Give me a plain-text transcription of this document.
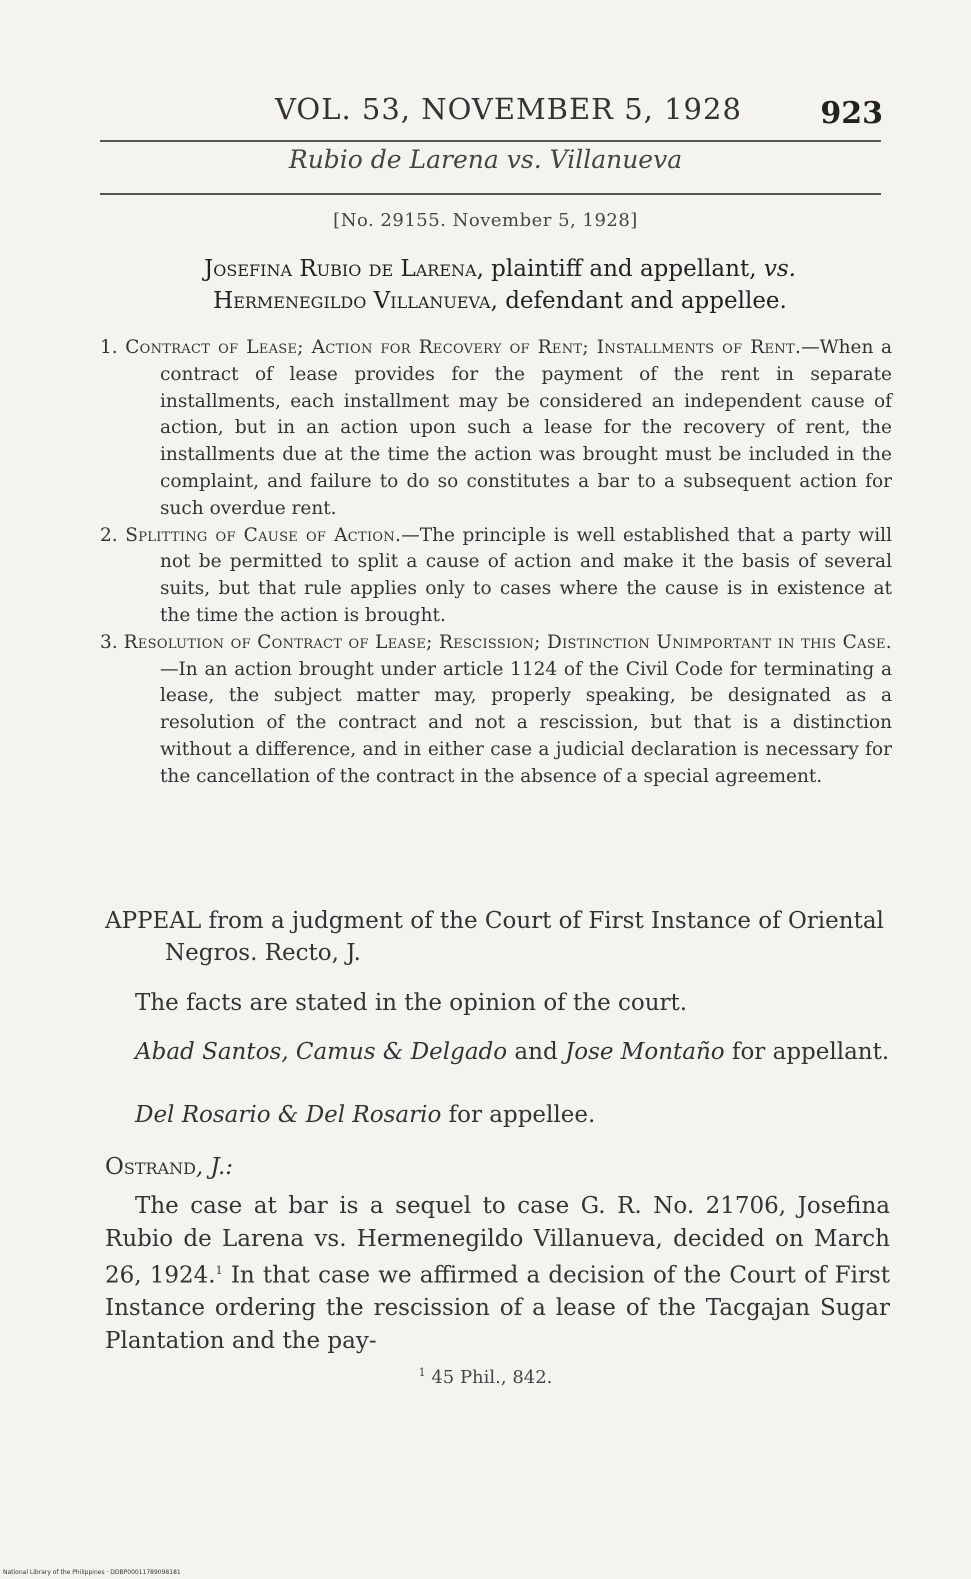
VOL. 53, NOVEMBER 5, 1928	923
Rubio de Larena vs. Villanueva
[No. 29155. November 5, 1928]
Josefina Rubio de Larena, plaintiff and appellant, vs.
Hermenegildo Villanueva, defendant and appellee.

1. Contract of Lease; Action for Recovery of Rent; Installments of Rent.—When a contract of lease provides for the payment of the rent in separate installments, each installment may be considered an independent cause of action, but in an action upon such a lease for the recovery of rent, the installments due at the time the action was brought must be included in the complaint, and failure to do so constitutes a bar to a subsequent action for such overdue rent.

2. Splitting of Cause of Action.—The principle is well established that a party will not be permitted to split a cause of action and make it the basis of several suits, but that rule applies only to cases where the cause is in existence at the time the action is brought.

3. Resolution of Contract of Lease; Rescission; Distinction Unimportant in this Case.—In an action brought under article 1124 of the Civil Code for terminating a lease, the subject matter may, properly speaking, be designated as a resolution of the contract and not a rescission, but that is a distinction without a difference, and in either case a judicial declaration is necessary for the cancellation of the contract in the absence of a special agreement.

APPEAL from a judgment of the Court of First Instance of Oriental Negros. Recto, J.
The facts are stated in the opinion of the court.
Abad Santos, Camus & Delgado and Jose Montaño for appellant.
Del Rosario & Del Rosario for appellee.
Ostrand, J.:
The case at bar is a sequel to case G. R. No. 21706, Josefina Rubio de Larena vs. Hermenegildo Villanueva, decided on March 26, 1924.$^1$ In that case we affirmed a decision of the Court of First Instance ordering the rescission of a lease of the Tacgajan Sugar Plantation and the pay-
$^1$ 45 Phil., 842.
National Library of the Philippines · DDBP00011789098181
